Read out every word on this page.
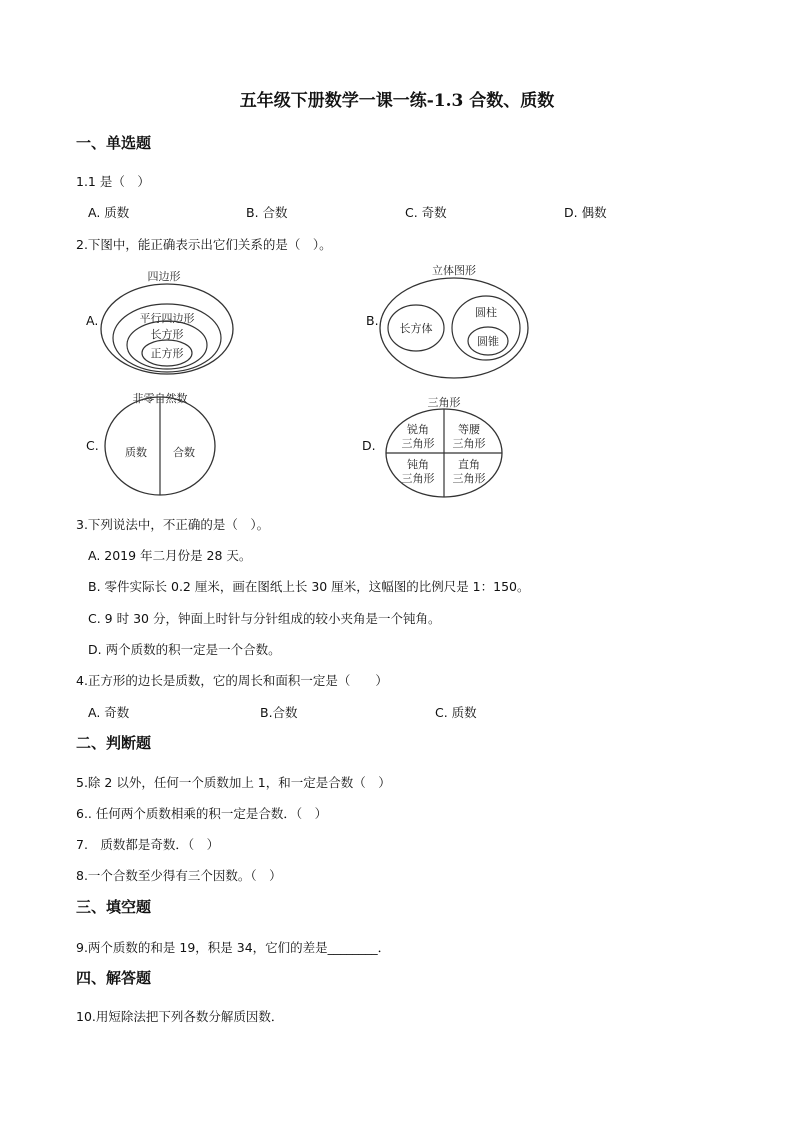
五年级下册数学一课一练-1.3 合数、质数
一、单选题
1.1 是（　）
A. 质数	B. 合数	C. 奇数	D. 偶数
2.下图中，能正确表示出它们关系的是（　）。
A.
四边形
平行四边形
长方形
正方形
B.
立体图形
长方体
圆柱
圆锥
C.
非零自然数
质数 合数	D.
三角形
锐角
三角形
等腰
三角形
钝角
三角形
直角
三角形
3.下列说法中，不正确的是（　）。
A. 2019 年二月份是 28 天。
B. 零件实际长 0.2 厘米，画在图纸上长 30 厘米，这幅图的比例尺是 1：150。
C. 9 时 30 分，钟面上时针与分针组成的较小夹角是一个钝角。
D. 两个质数的积一定是一个合数。
4.正方形的边长是质数，它的周长和面积一定是（　　）
A. 奇数	B.合数	C. 质数
二、判断题
5.除 2 以外，任何一个质数加上 1，和一定是合数（　）
6.. 任何两个质数相乘的积一定是合数．（　）
7.　质数都是奇数．（　）
8.一个合数至少得有三个因数。（　）
三、填空题
9.两个质数的和是 19，积是 34，它们的差是________．
四、解答题
10.用短除法把下列各数分解质因数．
